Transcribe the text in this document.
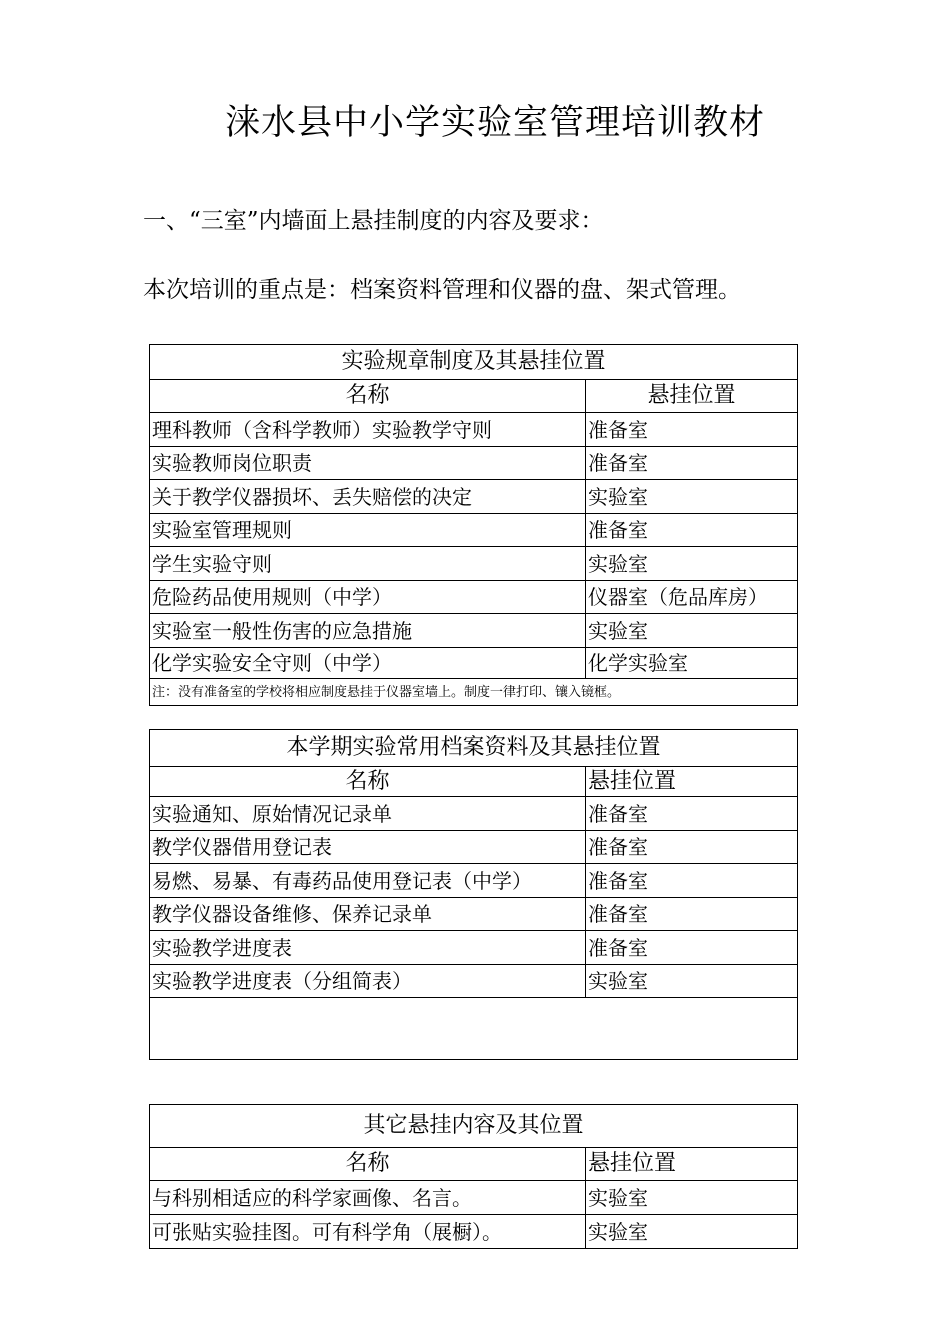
涞水县中小学实验室管理培训教材
一、“三室”内墙面上悬挂制度的内容及要求：
本次培训的重点是：档案资料管理和仪器的盘、架式管理。
实验规章制度及其悬挂位置	
名称	悬挂位置
理科教师（含科学教师）实验教学守则	准备室
实验教师岗位职责	准备室
关于教学仪器损坏、丢失赔偿的决定	实验室
实验室管理规则	准备室
学生实验守则	实验室
危险药品使用规则（中学）	仪器室（危品库房）
实验室一般性伤害的应急措施	实验室
化学实验安全守则（中学）	化学实验室
注：没有准备室的学校将相应制度悬挂于仪器室墙上。制度一律打印、镶入镜框。	
本学期实验常用档案资料及其悬挂位置	
名称	悬挂位置
实验通知、原始情况记录单	准备室
教学仪器借用登记表	准备室
易燃、易暴、有毒药品使用登记表（中学）	准备室
教学仪器设备维修、保养记录单	准备室
实验教学进度表	准备室
实验教学进度表（分组简表）	实验室

其它悬挂内容及其位置	
名称	悬挂位置
与科别相适应的科学家画像、名言。	实验室
可张贴实验挂图。可有科学角（展橱）。	实验室
